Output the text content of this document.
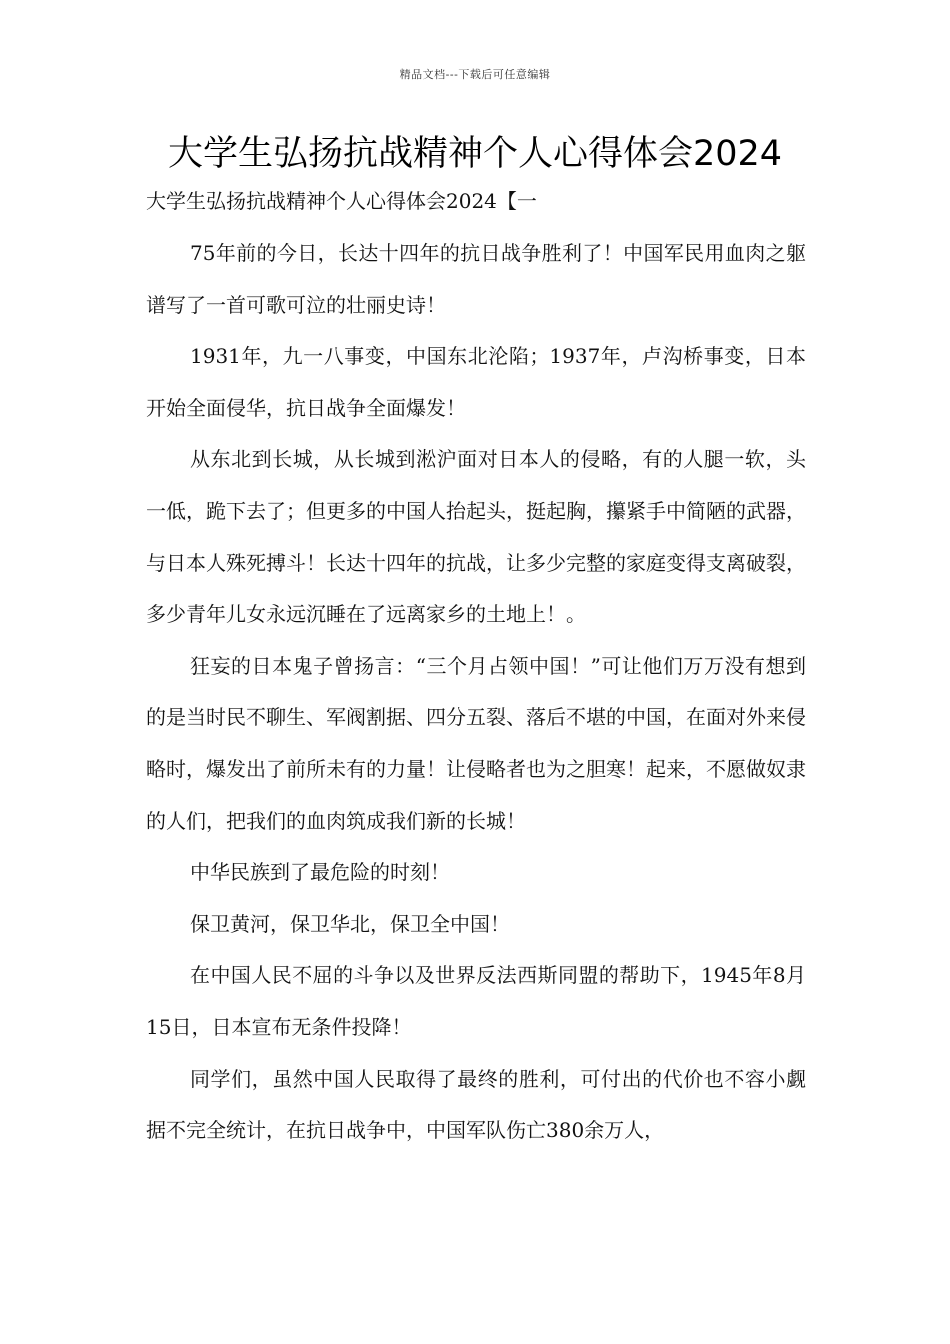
精品文档---下载后可任意编辑
大学生弘扬抗战精神个人心得体会2024
大学生弘扬抗战精神个人心得体会2024【一

75年前的今日，长达十四年的抗日战争胜利了！中国军民用血肉之躯谱写了一首可歌可泣的壮丽史诗！

1931年，九一八事变，中国东北沦陷；1937年，卢沟桥事变，日本开始全面侵华，抗日战争全面爆发！

从东北到长城，从长城到淞沪面对日本人的侵略，有的人腿一软，头一低，跪下去了；但更多的中国人抬起头，挺起胸，攥紧手中简陋的武器，与日本人殊死搏斗！长达十四年的抗战，让多少完整的家庭变得支离破裂，多少青年儿女永远沉睡在了远离家乡的土地上！。

狂妄的日本鬼子曾扬言：“三个月占领中国！”可让他们万万没有想到的是当时民不聊生、军阀割据、四分五裂、落后不堪的中国，在面对外来侵略时，爆发出了前所未有的力量！让侵略者也为之胆寒！起来，不愿做奴隶的人们，把我们的血肉筑成我们新的长城！

中华民族到了最危险的时刻！

保卫黄河，保卫华北，保卫全中国！

在中国人民不屈的斗争以及世界反法西斯同盟的帮助下，1945年8月15日，日本宣布无条件投降！

同学们，虽然中国人民取得了最终的胜利，可付出的代价也不容小觑据不完全统计，在抗日战争中，中国军队伤亡380余万人，
